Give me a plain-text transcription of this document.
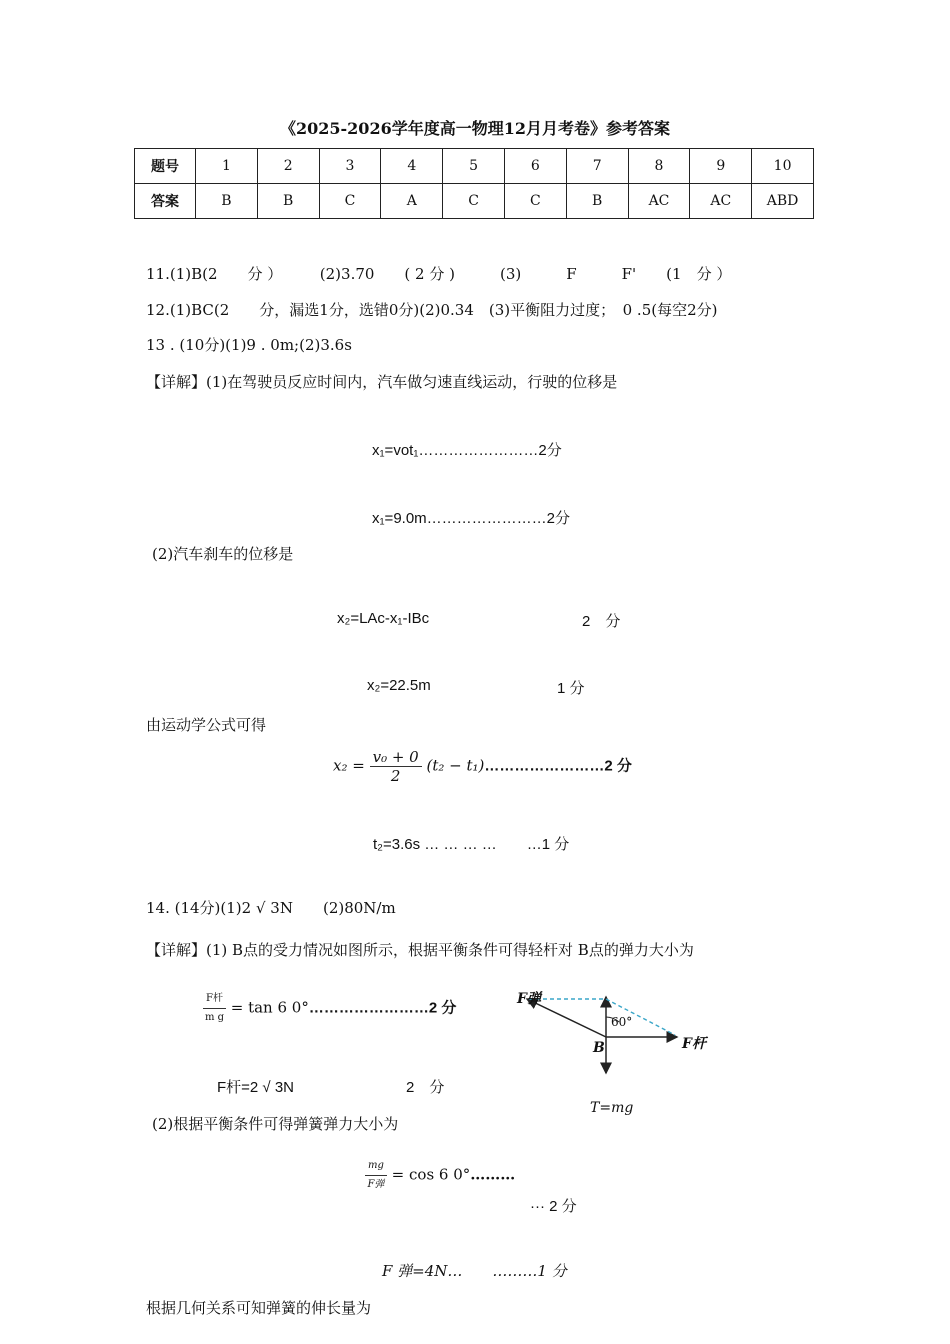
《2025-2026学年度高一物理12月月考卷》参考答案
题号	1	2	3	4	5	6	7	8	9	10
答案	B	B	C	A	C	C	B	AC	AC	ABD
11.(1)B(2　　分 ）　　　(2)3.70　　( 2 分 )　　　(3)　　　F　　　F'　　(1　分 ）
12.(1)BC(2　　分，漏选1分，选错0分)(2)0.34　(3)平衡阻力过度；　0 .5(每空2分)
13 . (10分)(1)9 . 0m;(2)3.6s
【详解】(1)在驾驶员反应时间内，汽车做匀速直线运动，行驶的位移是
x₁=vot₁……………………2分
x₁=9.0m……………………2分
(2)汽车刹车的位移是
x₂=LAc-x₁-IBc	2　分
x₂=22.5m	1 分
由运动学公式可得
$x_2 = \frac{\text{v₀ + 0}}{2} (t_2$ − t₁)……………………2 分
t₂=3.6s … … … …　　…1 分
14. (14分)(1)2 √ 3N　　(2)80N/m
【详解】(1) B点的受力情况如图所示，根据平衡条件可得轻杆对 B点的弹力大小为
$\frac{\text{F杆}}{\text{m g}} = \tan 6$ 0°……………………2 分
F杆=2 √ 3N	2　分
F弹
60°
F杆
B
T=mg
(2)根据平衡条件可得弹簧弹力大小为
$\frac{mg}{\text{F弹}} = \cos 6$ 0°………
··· 2 分
F 弹=4N…　　………1 分
根据几何关系可知弹簧的伸长量为
